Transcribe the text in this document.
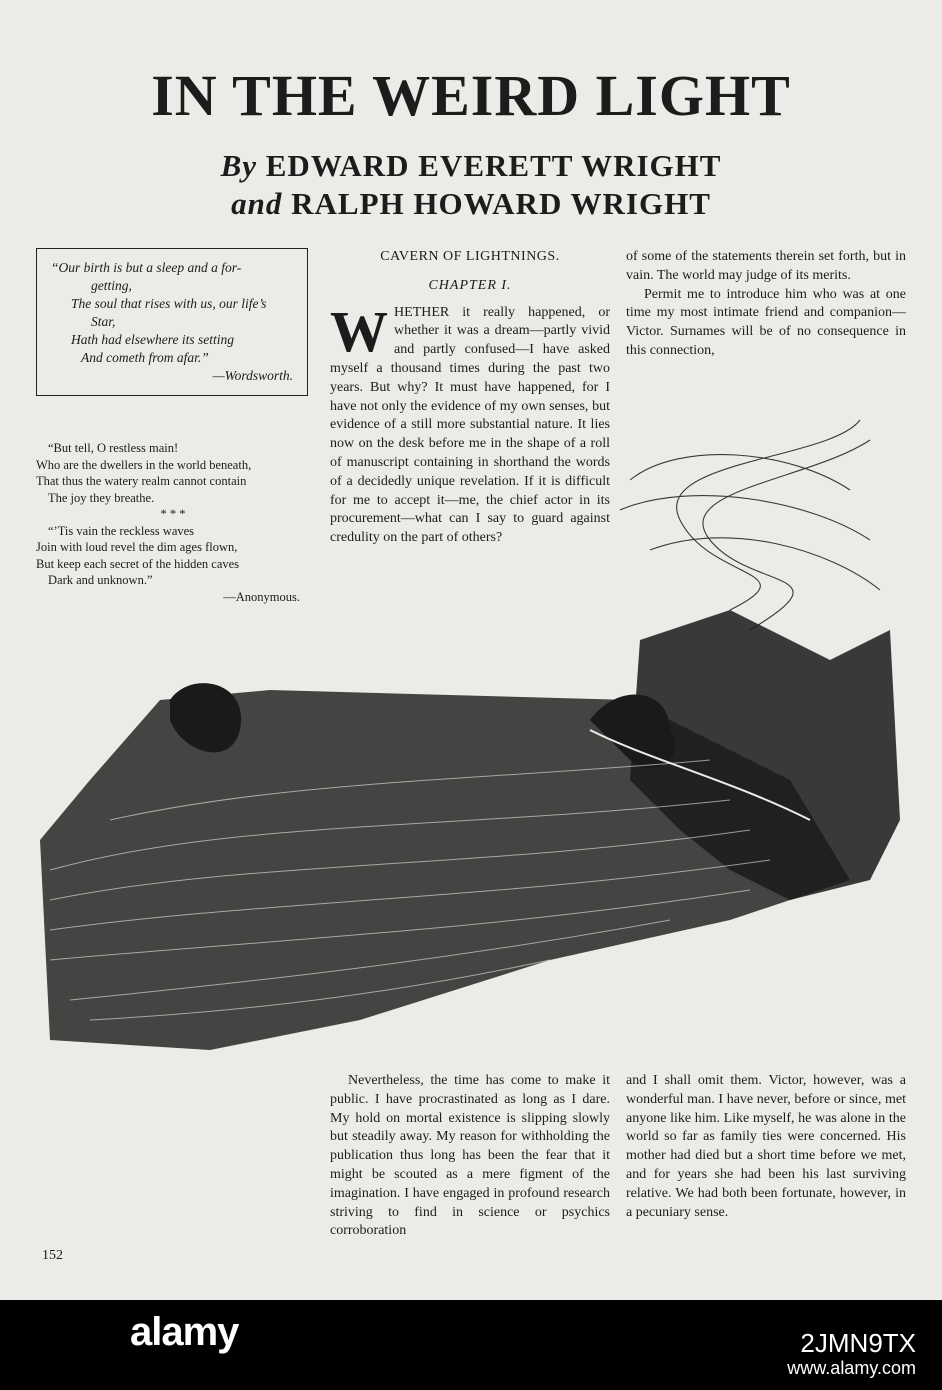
IN THE WEIRD LIGHT
By EDWARD EVERETT WRIGHT
and RALPH HOWARD WRIGHT
“Our birth is but a sleep and a for-
getting,
The soul that rises with us, our life’s
Star,
Hath had elsewhere its setting
And cometh from afar.”
—Wordsworth.
“But tell, O restless main!
Who are the dwellers in the world beneath,
That thus the watery realm cannot contain
The joy they breathe.
* * *
“’Tis vain the reckless waves
Join with loud revel the dim ages flown,
But keep each secret of the hidden caves
Dark and unknown.”
—Anonymous.

CAVERN OF LIGHTNINGS.

CHAPTER I.

WHETHER it really happened, or whether it was a dream—partly vivid and partly confused—I have asked myself a thousand times during the past two years. But why? It must have happened, for I have not only the evidence of my own senses, but evidence of a still more substantial nature. It lies now on the desk before me in the shape of a roll of manuscript containing in shorthand the words of a decidedly unique revelation. If it is difficult for me to accept it—me, the chief actor in its procurement—what can I say to guard against credulity on the part of others?

of some of the statements therein set forth, but in vain. The world may judge of its merits.

Permit me to introduce him who was at one time my most intimate friend and companion—Victor. Surnames will be of no consequence in this connection,

Nevertheless, the time has come to make it public. I have procrastinated as long as I dare. My hold on mortal existence is slipping slowly but steadily away. My reason for withholding the publication thus long has been the fear that it might be scouted as a mere figment of the imagination. I have engaged in profound research striving to find in science or psychics corroboration

and I shall omit them. Victor, however, was a wonderful man. I have never, before or since, met anyone like him. Like myself, he was alone in the world so far as family ties were concerned. His mother had died but a short time before we met, and for years she had been his last surviving relative. We had both been fortunate, however, in a pecuniary sense.

152
alamy	2JMN9TX
www.alamy.com
